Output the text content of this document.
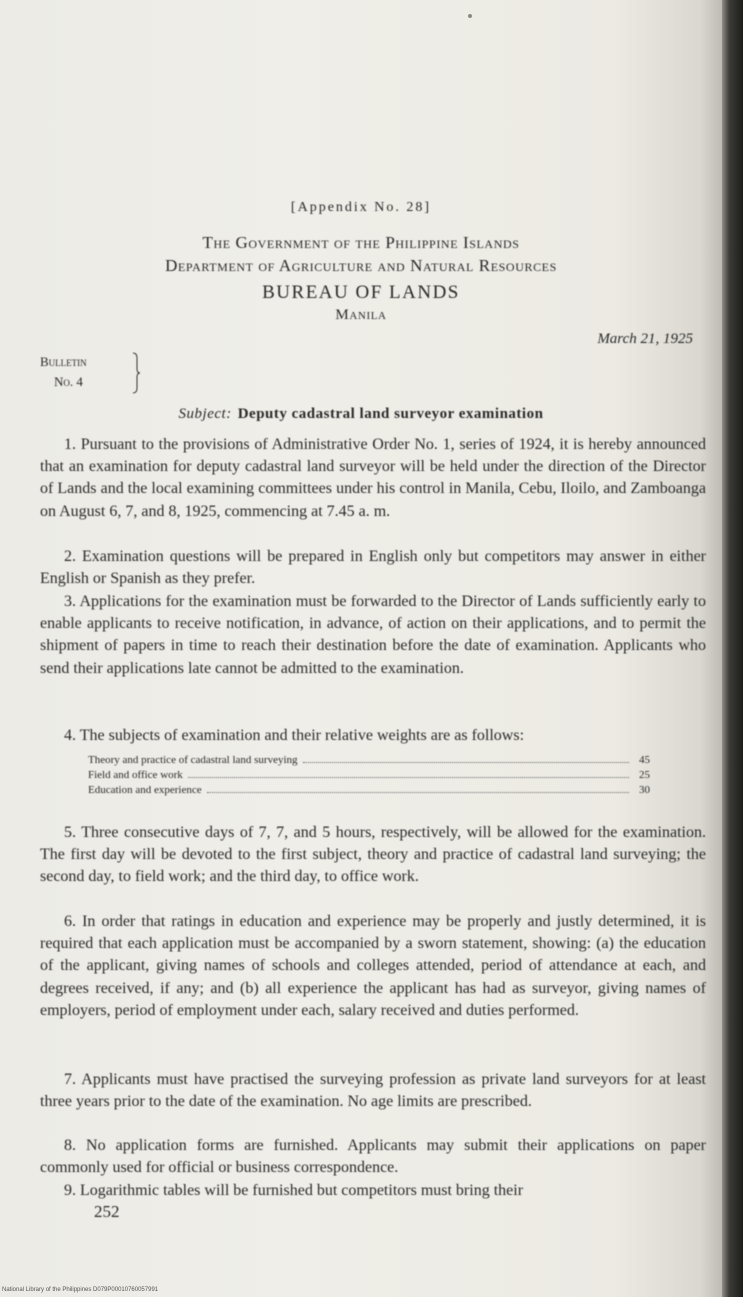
[Appendix No. 28]
The Government of the Philippine Islands
Department of Agriculture and Natural Resources
BUREAU OF LANDS
Manila
March 21, 1925
Bulletin
No. 4
Subject: Deputy cadastral land surveyor examination

1. Pursuant to the provisions of Administrative Order No. 1, series of 1924, it is hereby announced that an examination for deputy cadastral land surveyor will be held under the direction of the Director of Lands and the local examining committees under his control in Manila, Cebu, Iloilo, and Zamboanga on August 6, 7, and 8, 1925, commencing at 7.45 a. m.

2. Examination questions will be prepared in English only but competitors may answer in either English or Spanish as they prefer.

3. Applications for the examination must be forwarded to the Director of Lands sufficiently early to enable applicants to receive notification, in advance, of action on their applications, and to permit the shipment of papers in time to reach their destination before the date of examination. Applicants who send their applications late cannot be admitted to the examination.

4. The subjects of examination and their relative weights are as follows:

Theory and practice of cadastral land surveying	45
Field and office work	25
Education and experience	30

5. Three consecutive days of 7, 7, and 5 hours, respectively, will be allowed for the examination. The first day will be devoted to the first subject, theory and practice of cadastral land surveying; the second day, to field work; and the third day, to office work.

6. In order that ratings in education and experience may be properly and justly determined, it is required that each application must be accompanied by a sworn statement, showing: (a) the education of the applicant, giving names of schools and colleges attended, period of attendance at each, and degrees received, if any; and (b) all experience the applicant has had as surveyor, giving names of employers, period of employment under each, salary received and duties performed.

7. Applicants must have practised the surveying profession as private land surveyors for at least three years prior to the date of the examination. No age limits are prescribed.

8. No application forms are furnished. Applicants may submit their applications on paper commonly used for official or business correspondence.

9. Logarithmic tables will be furnished but competitors must bring their

252
National Library of the Philippines D079P00010760057991
